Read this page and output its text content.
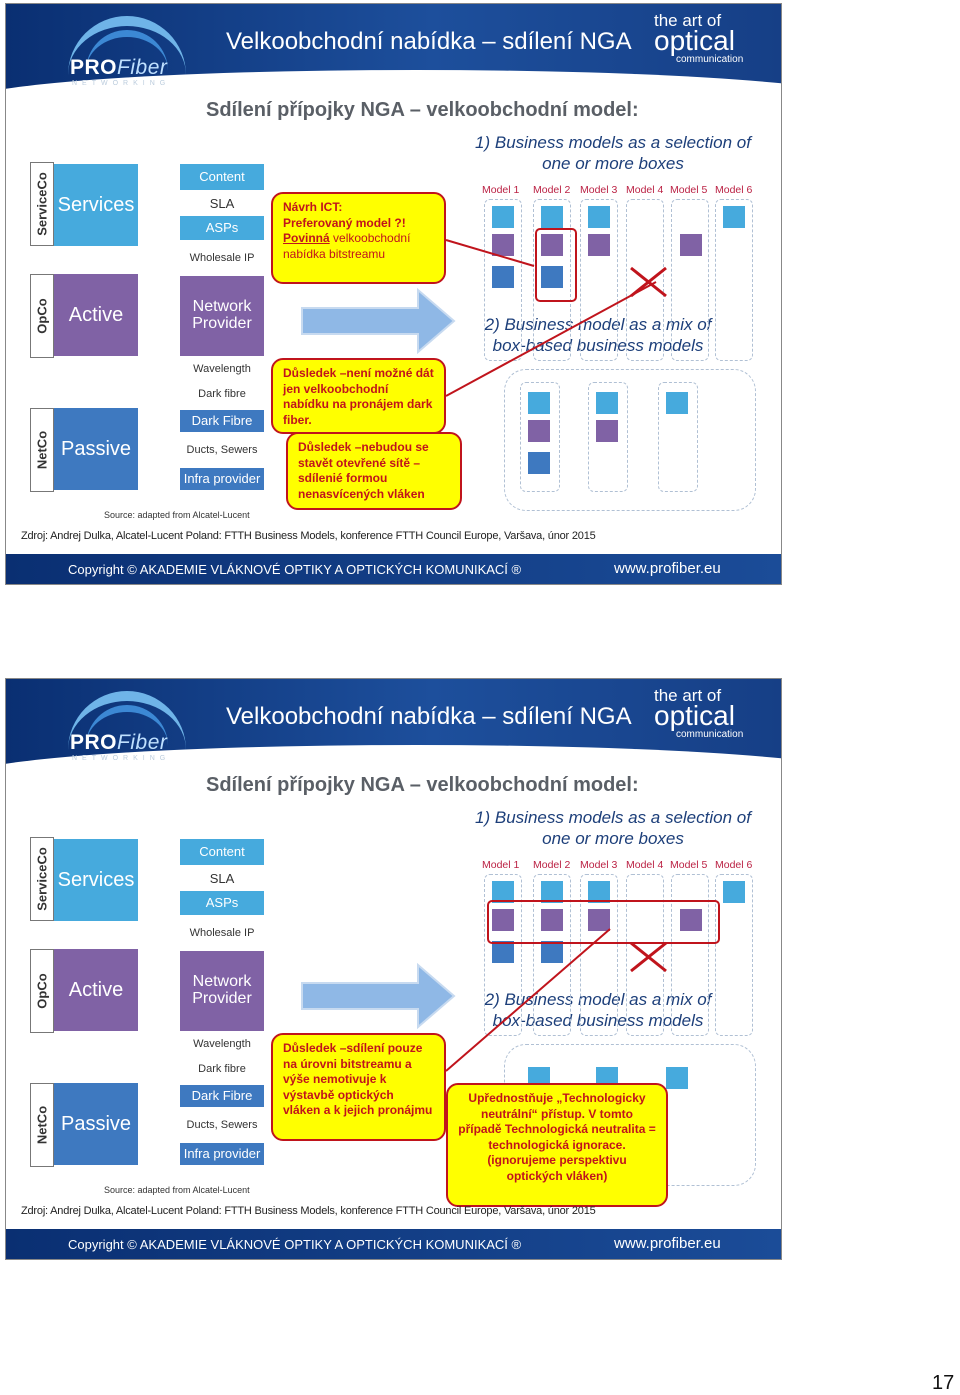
PROFiber
NETWORKING
Velkoobchodní nabídka – sdílení NGA
the art of
optical
communication
Sdílení přípojky NGA – velkoobchodní model:
ServiceCo
OpCo
NetCo
Services
Active
Passive
Content
SLA
ASPs
Wholesale IP
Network Provider
Wavelength
Dark fibre
Dark Fibre
Ducts, Sewers
Infra provider
Source: adapted from Alcatel-Lucent
1) Business models as a selection of one or more boxes
2) Business model as a mix of box-based business models
Model 1 Model 2 Model 3 Model 4 Model 5 Model 6
Návrh ICT:
Preferovaný model ?!
Povinná velkoobchodní
nabídka bitstreamu
Důsledek –není možné dát jen velkoobchodní nabídku na pronájem dark fiber.
Důsledek –nebudou se stavět otevřené sítě – sdílenié formou nenasvícených vláken
Zdroj: Andrej Dulka, Alcatel-Lucent Poland: FTTH Business Models, konference FTTH Council Europe, Varšava, únor 2015
Copyright © AKADEMIE VLÁKNOVÉ OPTIKY A OPTICKÝCH KOMUNIKACÍ ®	www.profiber.eu
PROFiber
NETWORKING
Velkoobchodní nabídka – sdílení NGA
the art of
optical
communication
Sdílení přípojky NGA – velkoobchodní model:
ServiceCo
OpCo
NetCo
Services
Active
Passive
Content
SLA
ASPs
Wholesale IP
Network Provider
Wavelength
Dark fibre
Dark Fibre
Ducts, Sewers
Infra provider
Source: adapted from Alcatel-Lucent
1) Business models as a selection of one or more boxes
2) Business model as a mix of box-based business models
Model 1 Model 2 Model 3 Model 4 Model 5 Model 6
Důsledek –sdílení pouze na úrovni bitstreamu a výše nemotivuje k výstavbě optických vláken a k jejich pronájmu
Upřednostňuje „Technologicky neutrální“ přístup. V tomto případě Technologická neutralita = technologická ignorace. (ignorujeme perspektivu optických vláken)
Zdroj: Andrej Dulka, Alcatel-Lucent Poland: FTTH Business Models, konference FTTH Council Europe, Varšava, únor 2015
Copyright © AKADEMIE VLÁKNOVÉ OPTIKY A OPTICKÝCH KOMUNIKACÍ ®	www.profiber.eu
17
